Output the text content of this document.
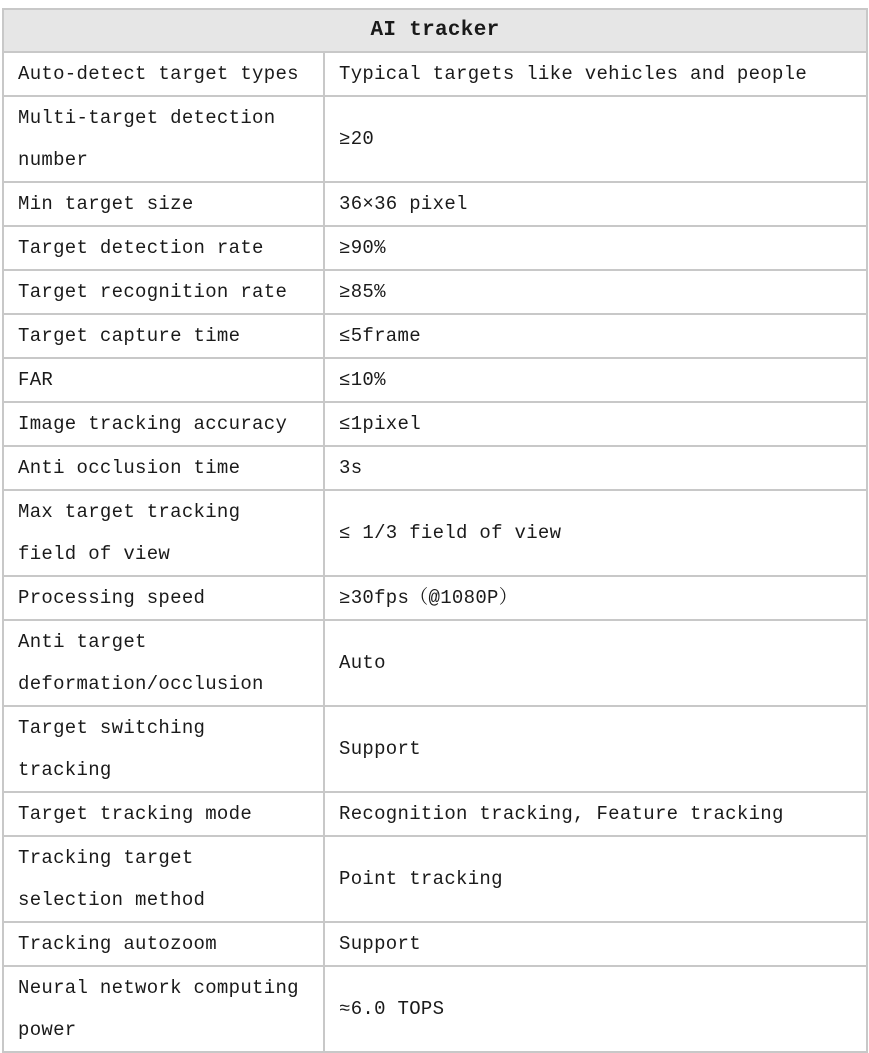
AI tracker	
Auto-detect target types	Typical targets like vehicles and people
Multi-target detection number	≥20
Min target size	36×36 pixel
Target detection rate	≥90%
Target recognition rate	≥85%
Target capture time	≤5frame
FAR	≤10%
Image tracking accuracy	≤1pixel
Anti occlusion time	3s
Max target tracking field of view	≤ 1/3 field of view
Processing speed	≥30fps（@1080P）
Anti target deformation/occlusion	Auto
Target switching tracking	Support
Target tracking mode	Recognition tracking, Feature tracking
Tracking target selection method	Point tracking
Tracking autozoom	Support
Neural network computing power	≈6.0 TOPS
